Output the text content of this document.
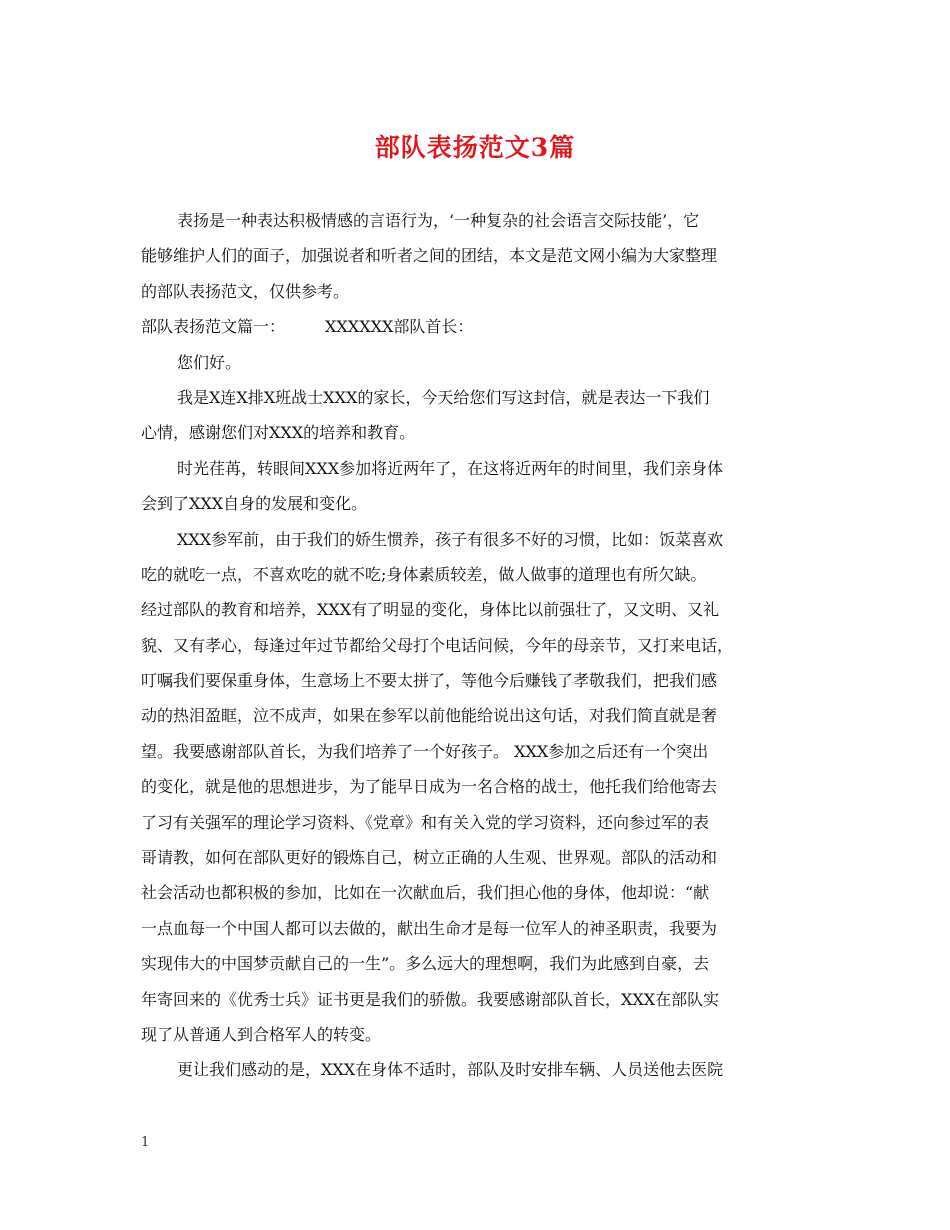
部队表扬范文3篇
表扬是一种表达积极情感的言语行为，‘一种复杂的社会语言交际技能’，它
能够维护人们的面子，加强说者和听者之间的团结，本文是范文网小编为大家整理
的部队表扬范文，仅供参考。
部队表扬范文篇一：	XXXXXX部队首长：
您们好。
我是X连X排X班战士XXX的家长，今天给您们写这封信，就是表达一下我们
心情，感谢您们对XXX的培养和教育。
时光荏苒，转眼间XXX参加将近两年了，在这将近两年的时间里，我们亲身体
会到了XXX自身的发展和变化。
XXX参军前，由于我们的娇生惯养，孩子有很多不好的习惯，比如：饭菜喜欢
吃的就吃一点，不喜欢吃的就不吃;身体素质较差，做人做事的道理也有所欠缺。
经过部队的教育和培养，XXX有了明显的变化，身体比以前强壮了，又文明、又礼
貌、又有孝心，每逢过年过节都给父母打个电话问候，今年的母亲节，又打来电话，
叮嘱我们要保重身体，生意场上不要太拼了，等他今后赚钱了孝敬我们，把我们感
动的热泪盈眶，泣不成声，如果在参军以前他能给说出这句话，对我们简直就是奢
望。我要感谢部队首长，为我们培养了一个好孩子。 XXX参加之后还有一个突出
的变化，就是他的思想进步，为了能早日成为一名合格的战士，他托我们给他寄去
了习有关强军的理论学习资料、《党章》和有关入党的学习资料，还向参过军的表
哥请教，如何在部队更好的锻炼自己，树立正确的人生观、世界观。部队的活动和
社会活动也都积极的参加，比如在一次献血后，我们担心他的身体，他却说：“献
一点血每一个中国人都可以去做的，献出生命才是每一位军人的神圣职责，我要为
实现伟大的中国梦贡献自己的一生”。多么远大的理想啊，我们为此感到自豪，去
年寄回来的《优秀士兵》证书更是我们的骄傲。我要感谢部队首长，XXX在部队实
现了从普通人到合格军人的转变。
更让我们感动的是，XXX在身体不适时，部队及时安排车辆、人员送他去医院
1
